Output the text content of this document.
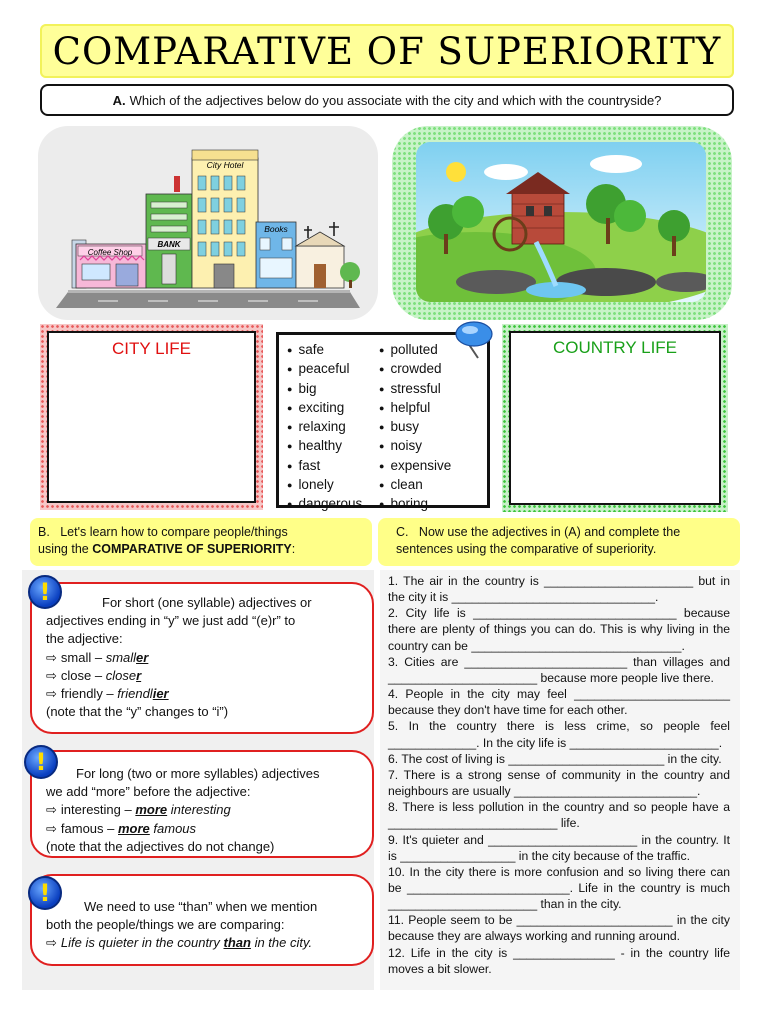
COMPARATIVE OF SUPERIORITY
A. Which of the adjectives below do you associate with the city and which with the countryside?
Coffee Shop
BANK
City Hotel
Books
CITY LIFE
●	safe
● peaceful
● big
● exciting
● relaxing
● healthy
● fast
● lonely
● dangerous
● polluted
● crowded
● stressful
● helpful
● busy
● noisy
● expensive
● clean
● boring
COUNTRY LIFE
B. Let's learn how to compare people/things
using the COMPARATIVE OF SUPERIORITY:
C. Now use the adjectives in (A) and complete the
sentences using the comparative of superiority.
For short (one syllable) adjectives or
adjectives ending in “y” we just add “(e)r” to
the adjective:
⇨ small – smaller
⇨ close – closer
⇨ friendly – friendlier
(note that the “y” changes to “i”)
!
For long (two or more syllables) adjectives
we add “more” before the adjective:
⇨ interesting – more interesting
⇨ famous – more famous
(note that the adjectives do not change)
!
We need to use “than” when we mention
both the people/things we are comparing:
⇨ Life is quieter in the country than in the city.
!

1. The air in the country is ______________________ but in the city it is ______________________________.

2. City life is ______________________________ because there are plenty of things you can do. This is why living in the country can be _______________________________.

3. Cities are ________________________ than villages and ______________________ because more people live there.

4. People in the city may feel _______________________ because they don't have time for each other.

5. In the country there is less crime, so people feel _____________. In the city life is ______________________.

6. The cost of living is _______________________ in the city.

7. There is a strong sense of community in the country and neighbours are usually ___________________________.

8. There is less pollution in the country and so people have a _________________________ life.

9. It's quieter and ______________________ in the country. It is _________________ in the city because of the traffic.

10. In the city there is more confusion and so living there can be ________________________. Life in the country is much ______________________ than in the city.

11. People seem to be _______________________ in the city because they are always working and running around.

12. Life in the city is _______________ - in the country life moves a bit slower.
